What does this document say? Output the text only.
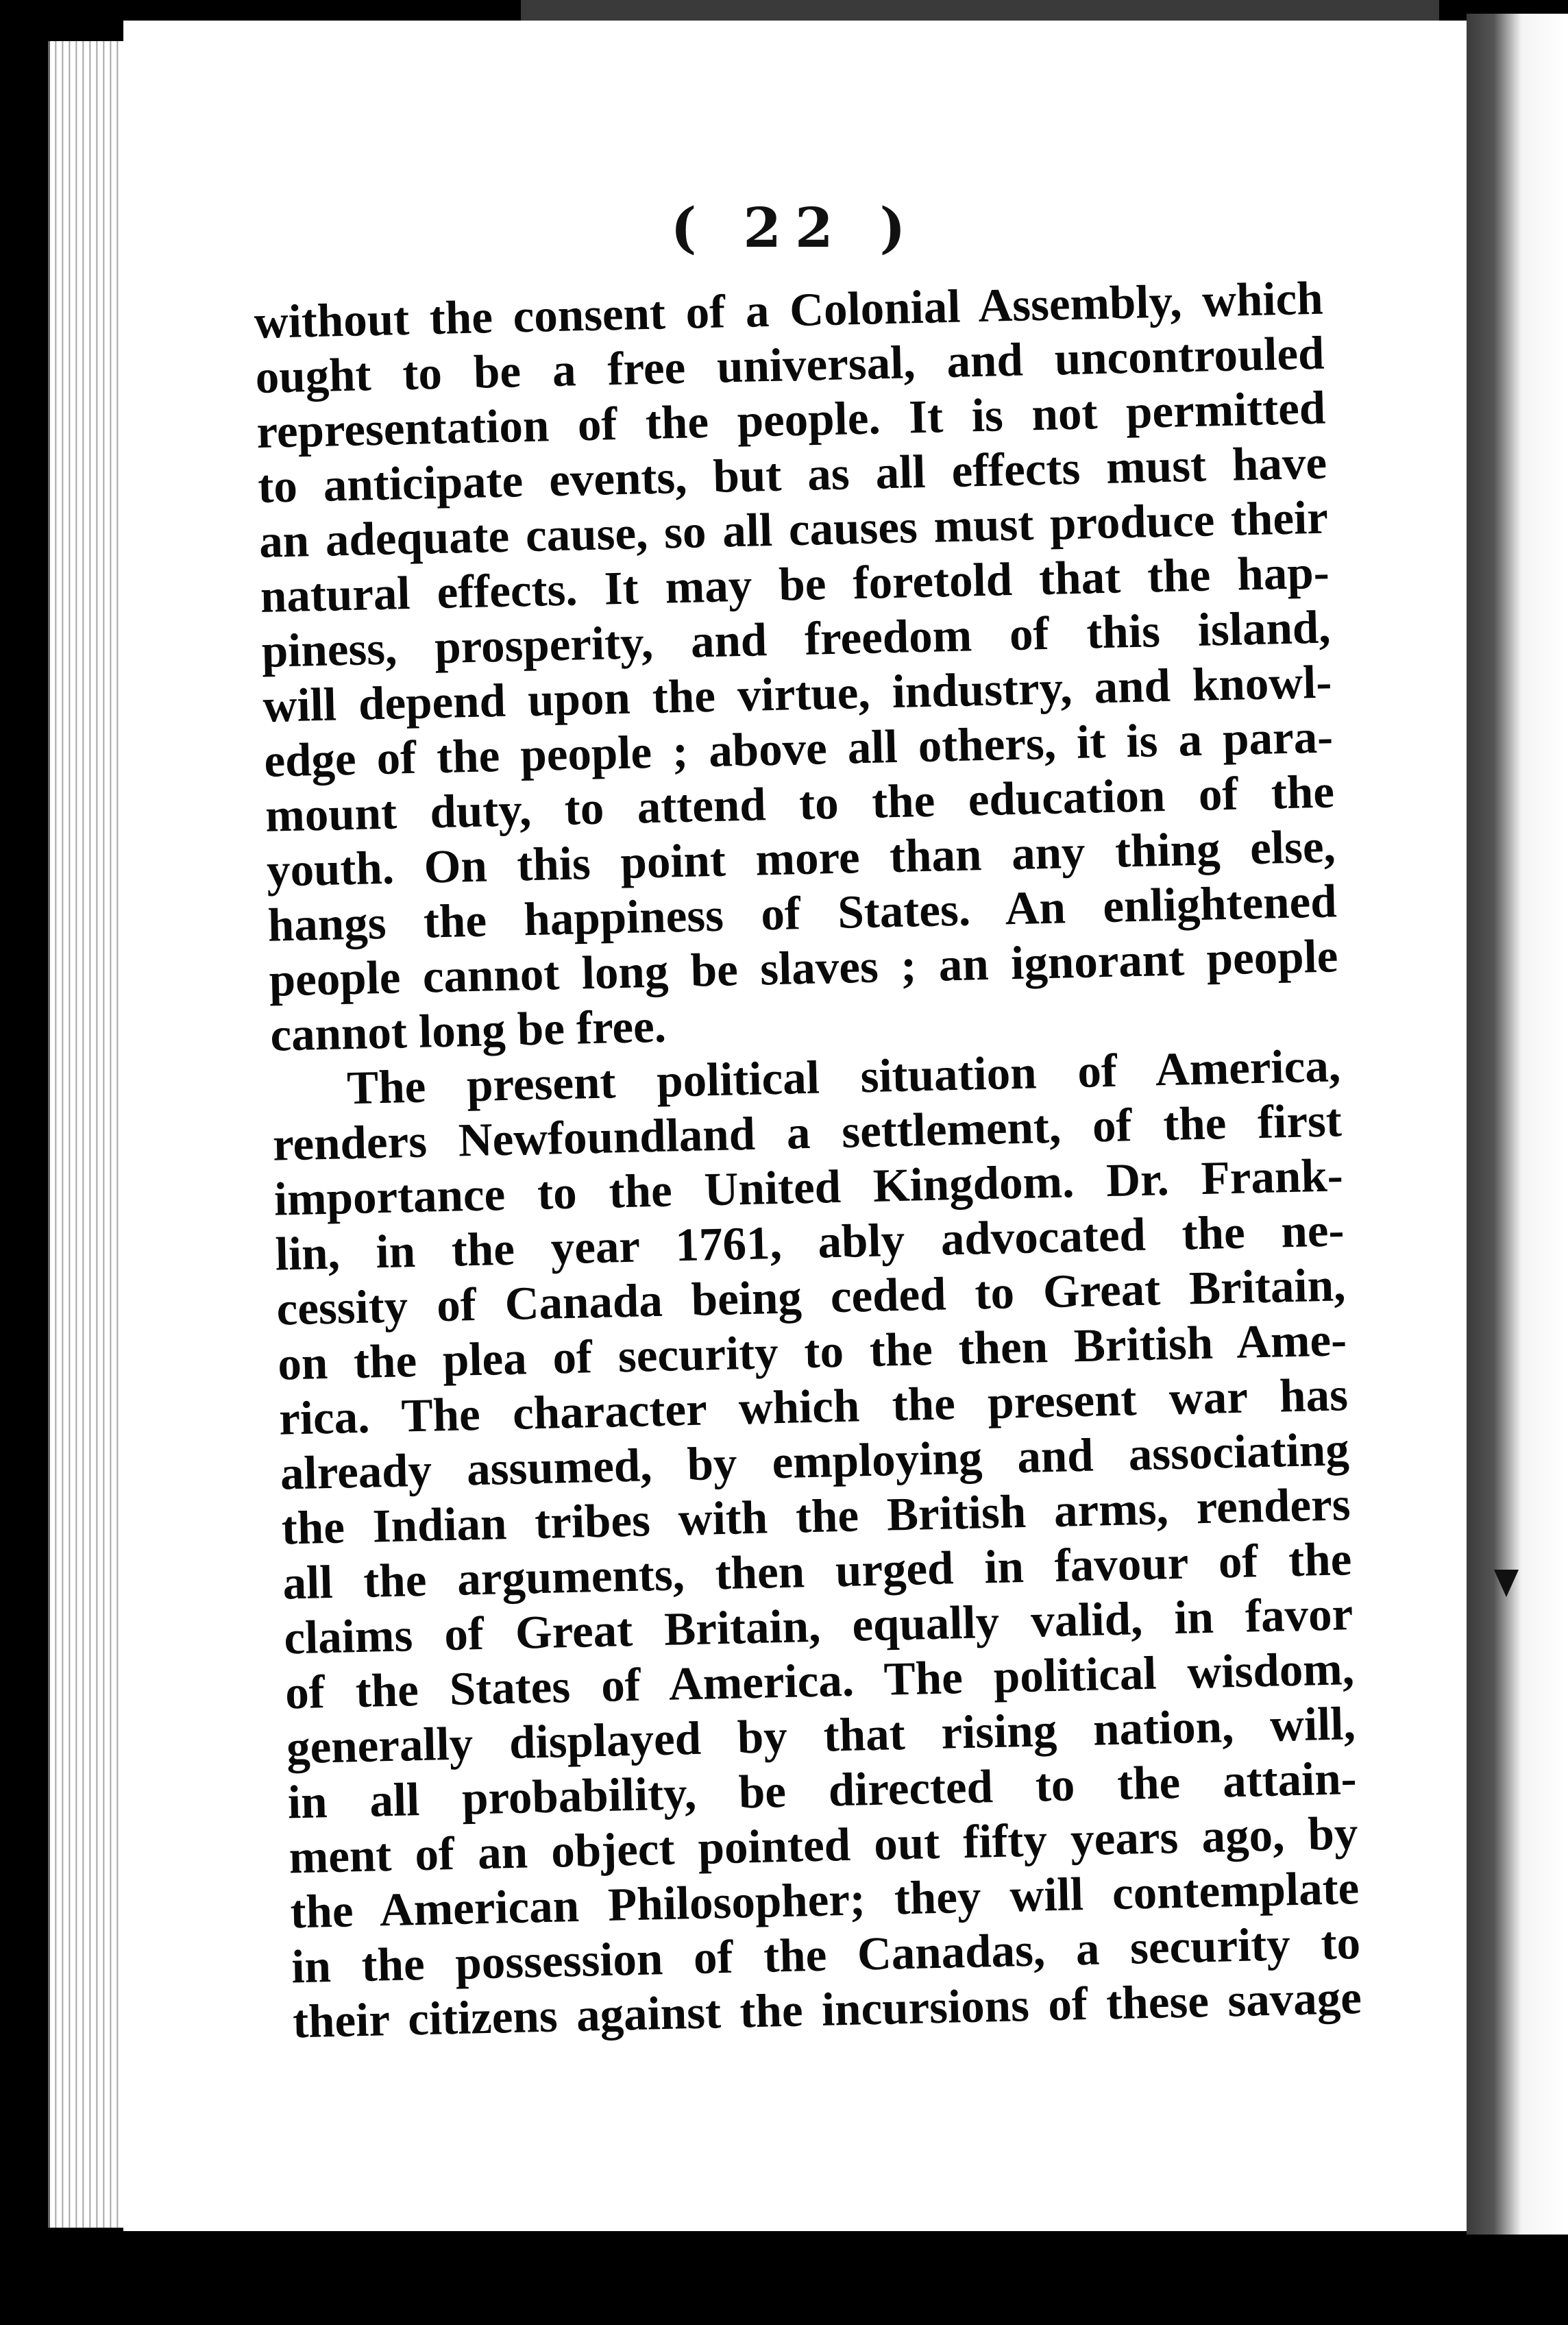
( 22 )
without the consent of a Colonial Assembly, which
ought to be a free universal, and uncontrouled
representation of the people. It is not permitted
to anticipate events, but as all effects must have
an adequate cause, so all causes must produce their
natural effects. It may be foretold that the hap-
piness, prosperity, and freedom of this island,
will depend upon the virtue, industry, and knowl-
edge of the people ; above all others, it is a para-
mount duty, to attend to the education of the
youth. On this point more than any thing else,
hangs the happiness of States. An enlightened
people cannot long be slaves ; an ignorant people
cannot long be free.
The present political situation of America,
renders Newfoundland a settlement, of the first
importance to the United Kingdom. Dr. Frank-
lin, in the year 1761, ably advocated the ne-
cessity of Canada being ceded to Great Britain,
on the plea of security to the then British Ame-
rica. The character which the present war has
already assumed, by employing and associating
the Indian tribes with the British arms, renders
all the arguments, then urged in favour of the
claims of Great Britain, equally valid, in favor
of the States of America. The political wisdom,
generally displayed by that rising nation, will,
in all probability, be directed to the attain-
ment of an object pointed out fifty years ago, by
the American Philosopher; they will contemplate
in the possession of the Canadas, a security to
their citizens against the incursions of these savage
